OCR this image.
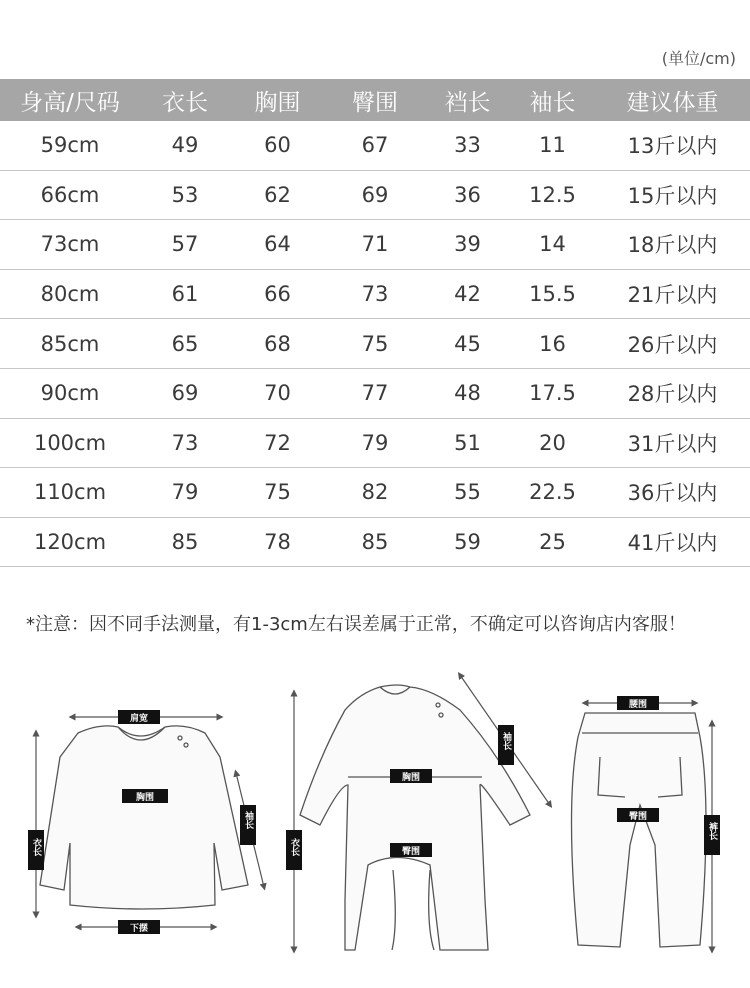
(单位/cm)
身高/尺码	衣长	胸围	臀围	裆长	袖长	建议体重
59cm	49	60	67	33	11	13斤以内
66cm	53	62	69	36	12.5	15斤以内
73cm	57	64	71	39	14	18斤以内
80cm	61	66	73	42	15.5	21斤以内
85cm	65	68	75	45	16	26斤以内
90cm	69	70	77	48	17.5	28斤以内
100cm	73	72	79	51	20	31斤以内
110cm	79	75	82	55	22.5	36斤以内
120cm	85	78	85	59	25	41斤以内
*注意：因不同手法测量，有1-3cm左右误差属于正常，不确定可以咨询店内客服！
肩宽
胸围
衣长
下摆
袖长
胸围
衣长	臀围
袖长
腰围
臀围
裤长
